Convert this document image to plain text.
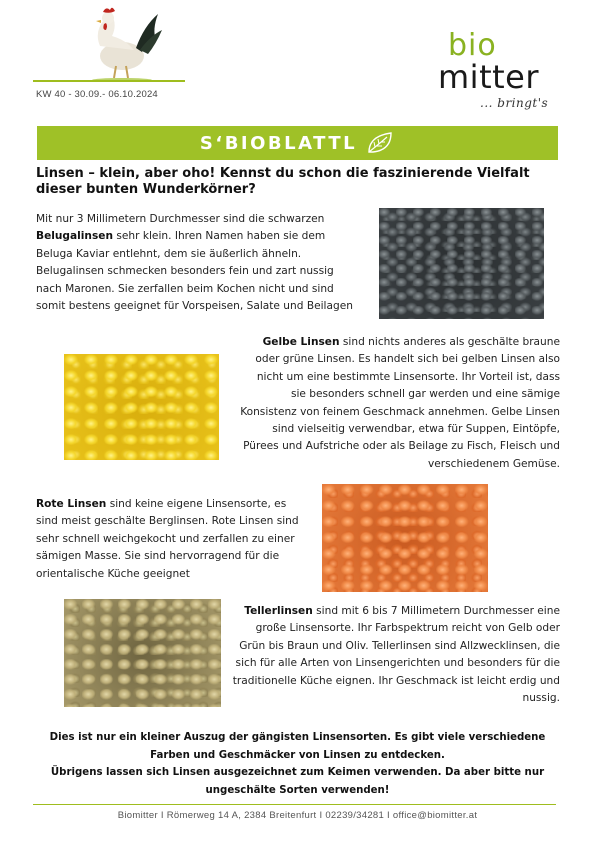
KW 40 - 30.09.- 06.10.2024
bio
mitter
... bringt's
S‘BIOBLATTL
Linsen – klein, aber oho! Kennst du schon die faszinierende Vielfalt dieser bunten Wunderkörner?
Mit nur 3 Millimetern Durchmesser sind die schwarzen Belugalinsen sehr klein. Ihren Namen haben sie dem Beluga Kaviar entlehnt, dem sie äußerlich ähneln. Belugalinsen schmecken besonders fein und zart nussig nach Maronen. Sie zerfallen beim Kochen nicht und sind somit bestens geeignet für Vorspeisen, Salate und Beilagen
Gelbe Linsen sind nichts anderes als geschälte braune oder grüne Linsen. Es handelt sich bei gelben Linsen also nicht um eine bestimmte Linsensorte. Ihr Vorteil ist, dass sie besonders schnell gar werden und eine sämige Konsistenz von feinem Geschmack annehmen. Gelbe Linsen sind vielseitig verwendbar, etwa für Suppen, Eintöpfe, Pürees und Aufstriche oder als Beilage zu Fisch, Fleisch und verschiedenem Gemüse.
Rote Linsen sind keine eigene Linsensorte, es sind meist geschälte Berglinsen. Rote Linsen sind sehr schnell weichgekocht und zerfallen zu einer sämigen Masse. Sie sind hervorragend für die orientalische Küche geeignet
Tellerlinsen sind mit 6 bis 7 Millimetern Durchmesser eine große Linsensorte. Ihr Farbspektrum reicht von Gelb oder Grün bis Braun und Oliv. Tellerlinsen sind Allzwecklinsen, die sich für alle Arten von Linsengerichten und besonders für die traditionelle Küche eignen. Ihr Geschmack ist leicht erdig und nussig.
Dies ist nur ein kleiner Auszug der gängisten Linsensorten. Es gibt viele verschiedene
Farben und Geschmäcker von Linsen zu entdecken.
Übrigens lassen sich Linsen ausgezeichnet zum Keimen verwenden. Da aber bitte nur
ungeschälte Sorten verwenden!
Biomitter I Römerweg 14 A, 2384 Breitenfurt I 02239/34281 I office@biomitter.at
